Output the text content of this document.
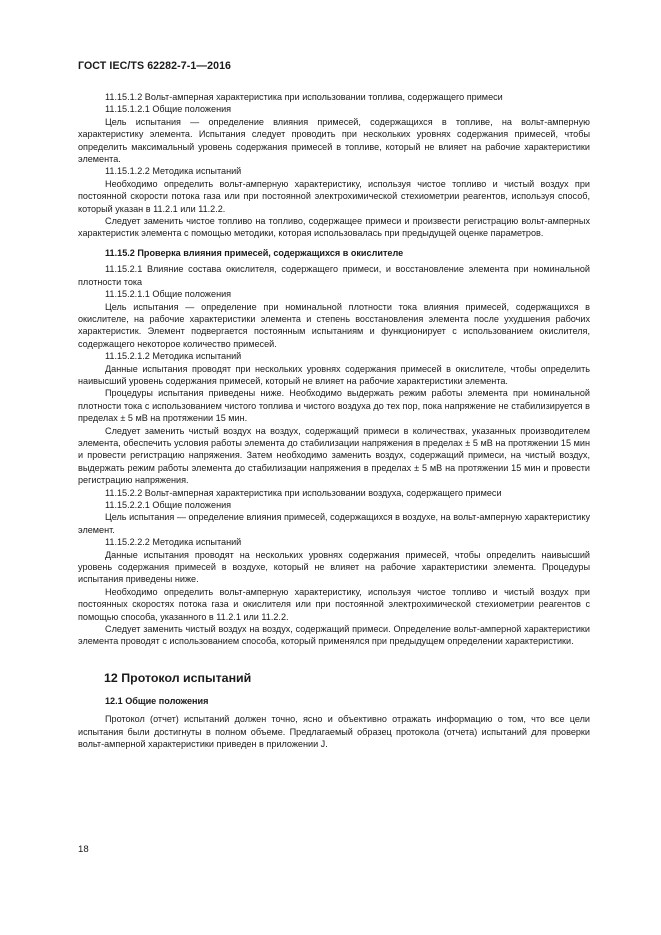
ГОСТ IEC/TS 62282-7-1—2016

11.15.1.2 Вольт-амперная характеристика при использовании топлива, содержащего примеси

11.15.1.2.1 Общие положения

Цель испытания — определение влияния примесей, содержащихся в топливе, на вольт-амперную характеристику элемента. Испытания следует проводить при нескольких уровнях содержания примесей, чтобы определить максимальный уровень содержания примесей в топливе, который не влияет на рабочие характеристики элемента.

11.15.1.2.2 Методика испытаний

Необходимо определить вольт-амперную характеристику, используя чистое топливо и чистый воздух при постоянной скорости потока газа или при постоянной электрохимической стехиометрии реагентов, используя способ, который указан в 11.2.1 или 11.2.2.

Следует заменить чистое топливо на топливо, содержащее примеси и произвести регистрацию вольт-амперных характеристик элемента с помощью методики, которая использовалась при предыдущей оценке параметров.

11.15.2 Проверка влияния примесей, содержащихся в окислителе

11.15.2.1 Влияние состава окислителя, содержащего примеси, и восстановление элемента при номинальной плотности тока

11.15.2.1.1 Общие положения

Цель испытания — определение при номинальной плотности тока влияния примесей, содержащихся в окислителе, на рабочие характеристики элемента и степень восстановления элемента после ухудшения рабочих характеристик. Элемент подвергается постоянным испытаниям и функционирует с использованием окислителя, содержащего некоторое количество примесей.

11.15.2.1.2 Методика испытаний

Данные испытания проводят при нескольких уровнях содержания примесей в окислителе, чтобы определить наивысший уровень содержания примесей, который не влияет на рабочие характеристики элемента.

Процедуры испытания приведены ниже. Необходимо выдержать режим работы элемента при номинальной плотности тока с использованием чистого топлива и чистого воздуха до тех пор, пока напряжение не стабилизируется в пределах ± 5 мВ на протяжении 15 мин.

Следует заменить чистый воздух на воздух, содержащий примеси в количествах, указанных производителем элемента, обеспечить условия работы элемента до стабилизации напряжения в пределах ± 5 мВ на протяжении 15 мин и провести регистрацию напряжения. Затем необходимо заменить воздух, содержащий примеси, на чистый воздух, выдержать режим работы элемента до стабилизации напряжения в пределах ± 5 мВ на протяжении 15 мин и провести регистрацию напряжения.

11.15.2.2 Вольт-амперная характеристика при использовании воздуха, содержащего примеси

11.15.2.2.1 Общие положения

Цель испытания — определение влияния примесей, содержащихся в воздухе, на вольт-амперную характеристику элемент.

11.15.2.2.2 Методика испытаний

Данные испытания проводят на нескольких уровнях содержания примесей, чтобы определить наивысший уровень содержания примесей в воздухе, который не влияет на рабочие характеристики элемента. Процедуры испытания приведены ниже.

Необходимо определить вольт-амперную характеристику, используя чистое топливо и чистый воздух при постоянных скоростях потока газа и окислителя или при постоянной электрохимической стехиометрии реагентов с помощью способа, указанного в 11.2.1 или 11.2.2.

Следует заменить чистый воздух на воздух, содержащий примеси. Определение вольт-амперной характеристики элемента проводят с использованием способа, который применялся при предыдущем определении характеристики.

12 Протокол испытаний

12.1 Общие положения

Протокол (отчет) испытаний должен точно, ясно и объективно отражать информацию о том, что все цели испытания были достигнуты в полном объеме. Предлагаемый образец протокола (отчета) испытаний для проверки вольт-амперной характеристики приведен в приложении J.

18
